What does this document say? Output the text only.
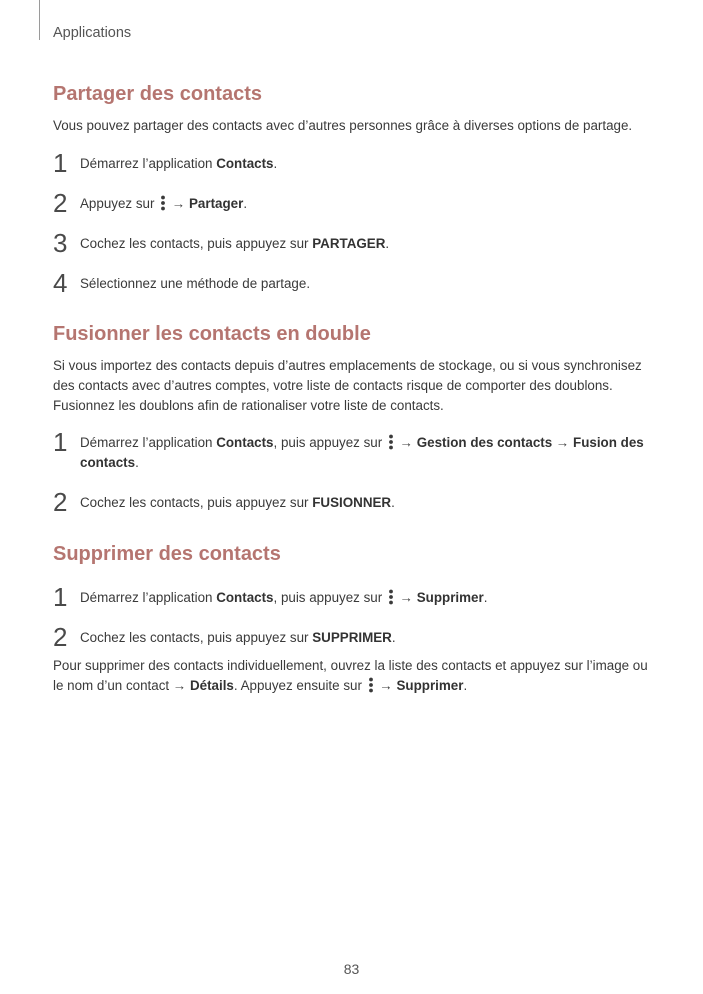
Applications
Partager des contacts
Vous pouvez partager des contacts avec d’autres personnes grâce à diverses options de partage.
1 Démarrez l’application Contacts.
2 Appuyez sur  → Partager.
3 Cochez les contacts, puis appuyez sur PARTAGER.
4 Sélectionnez une méthode de partage.
Fusionner les contacts en double
Si vous importez des contacts depuis d’autres emplacements de stockage, ou si vous synchronisez des contacts avec d’autres comptes, votre liste de contacts risque de comporter des doublons. Fusionnez les doublons afin de rationaliser votre liste de contacts.
1 Démarrez l’application Contacts, puis appuyez sur  → Gestion des contacts → Fusion des contacts.
2 Cochez les contacts, puis appuyez sur FUSIONNER.
Supprimer des contacts
1 Démarrez l’application Contacts, puis appuyez sur  → Supprimer.
2 Cochez les contacts, puis appuyez sur SUPPRIMER.
Pour supprimer des contacts individuellement, ouvrez la liste des contacts et appuyez sur l’image ou le nom d’un contact → Détails. Appuyez ensuite sur  → Supprimer.
83
